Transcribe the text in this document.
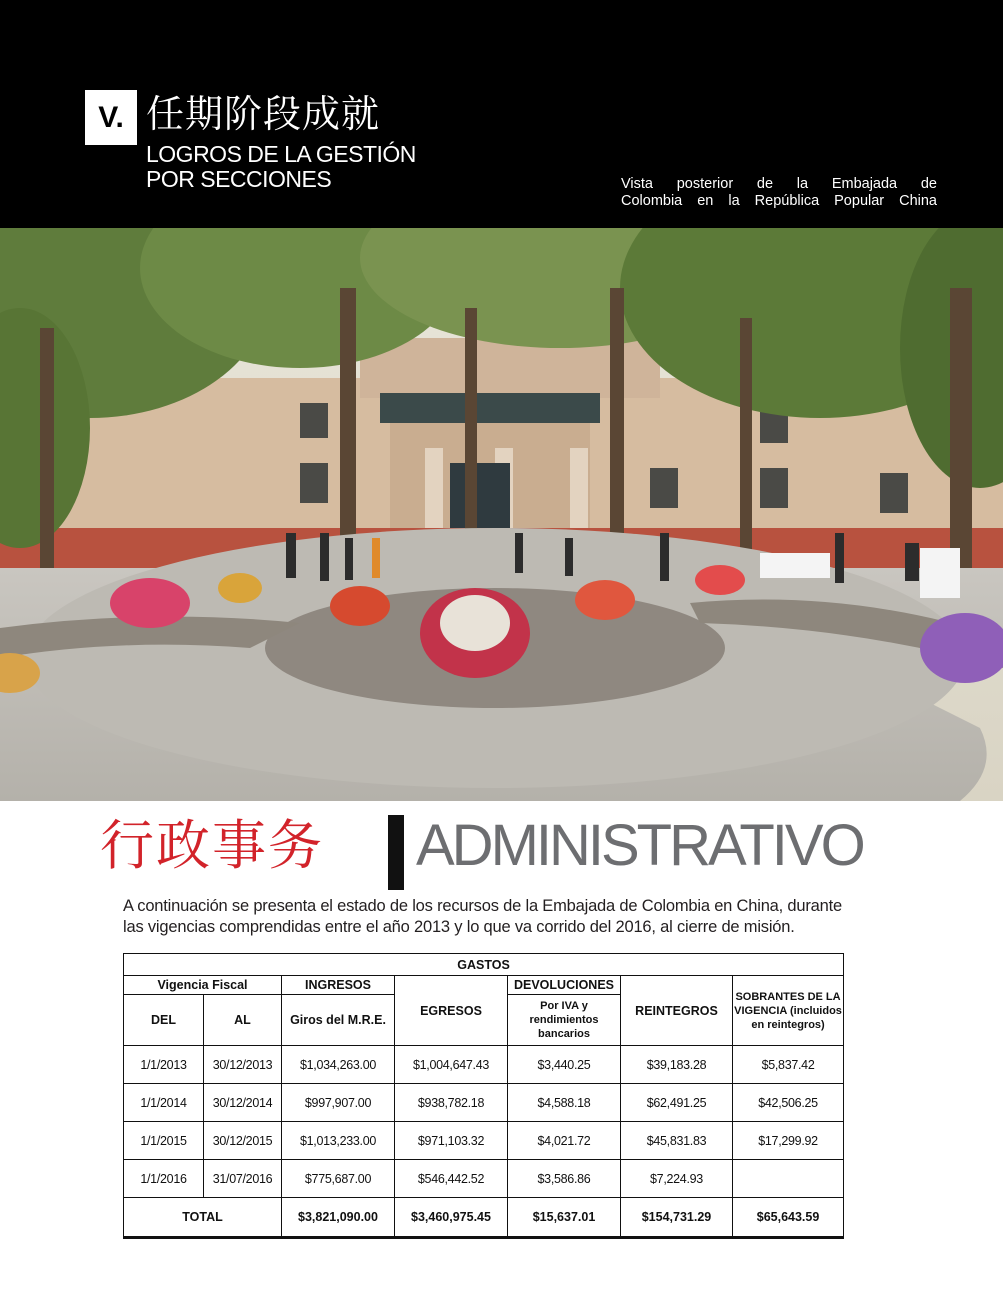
V. 任期阶段成就
LOGROS DE LA GESTIÓN
POR SECCIONES	Vista posterior de la Embajada de
Colombia en la República Popular China
行政事务 ADMINISTRATIVO
A continuación se presenta el estado de los recursos de la Embajada de Colombia en China, durante
las vigencias comprendidas entre el año 2013 y lo que va corrido del 2016, al cierre de misión.
GASTOS						
Vigencia Fiscal		INGRESOS	EGRESOS	DEVOLUCIONES	REINTEGROS	SOBRANTES DE LA VIGENCIA (incluidos en reintegros)
DEL	AL	Giros del M.R.E.		Por IVA y rendimientos bancarios		
1/1/2013	30/12/2013	$1,034,263.00	$1,004,647.43	$3,440.25	$39,183.28	$5,837.42
1/1/2014	30/12/2014	$997,907.00	$938,782.18	$4,588.18	$62,491.25	$42,506.25
1/1/2015	30/12/2015	$1,013,233.00	$971,103.32	$4,021.72	$45,831.83	$17,299.92
1/1/2016	31/07/2016	$775,687.00	$546,442.52	$3,586.86	$7,224.93	
TOTAL		$3,821,090.00	$3,460,975.45	$15,637.01	$154,731.29	$65,643.59
